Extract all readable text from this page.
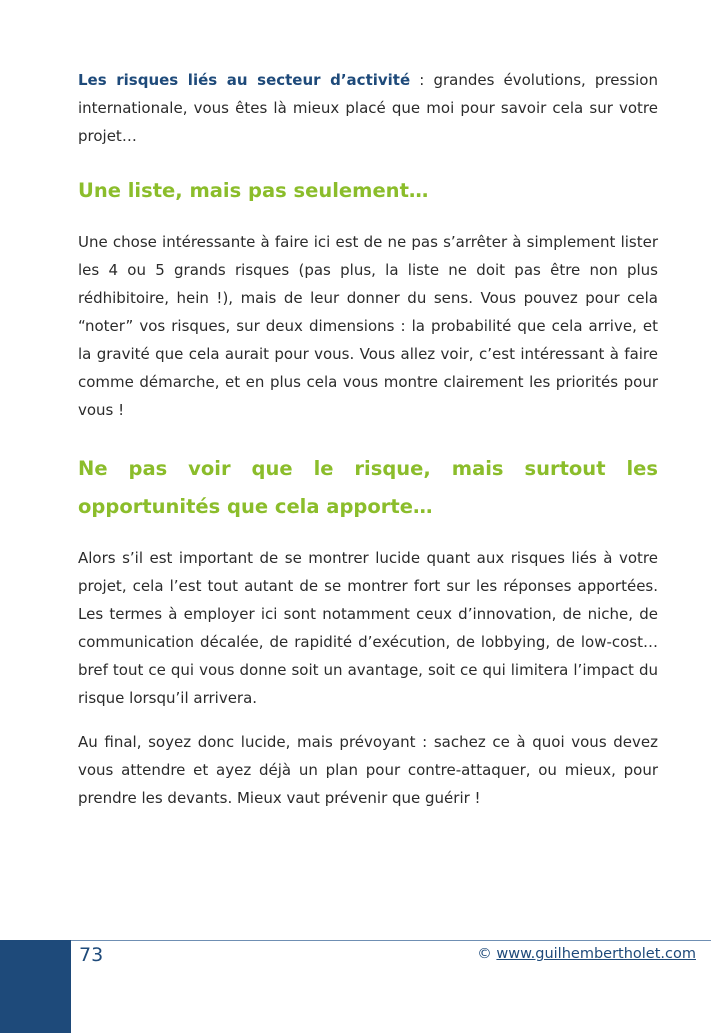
Les risques liés au secteur d’activité : grandes évolutions, pression internationale, vous êtes là mieux placé que moi pour savoir cela sur votre projet…

Une liste, mais pas seulement…

Une chose intéressante à faire ici est de ne pas s’arrêter à simplement lister les 4 ou 5 grands risques (pas plus, la liste ne doit pas être non plus rédhibitoire, hein !), mais de leur donner du sens. Vous pouvez pour cela “noter” vos risques, sur deux dimensions : la probabilité que cela arrive, et la gravité que cela aurait pour vous. Vous allez voir, c’est intéressant à faire comme démarche, et en plus cela vous montre clairement les priorités pour vous !

Ne pas voir que le risque, mais surtout les opportunités que cela apporte…

Alors s’il est important de se montrer lucide quant aux risques liés à votre projet, cela l’est tout autant de se montrer fort sur les réponses apportées. Les termes à employer ici sont notamment ceux d’innovation, de niche, de communication décalée, de rapidité d’exécution, de lobbying, de low-cost… bref tout ce qui vous donne soit un avantage, soit ce qui limitera l’impact du risque lorsqu’il arrivera.

Au final, soyez donc lucide, mais prévoyant : sachez ce à quoi vous devez vous attendre et ayez déjà un plan pour contre-attaquer, ou mieux, pour prendre les devants. Mieux vaut prévenir que guérir !

73	© www.guilhembertholet.com
